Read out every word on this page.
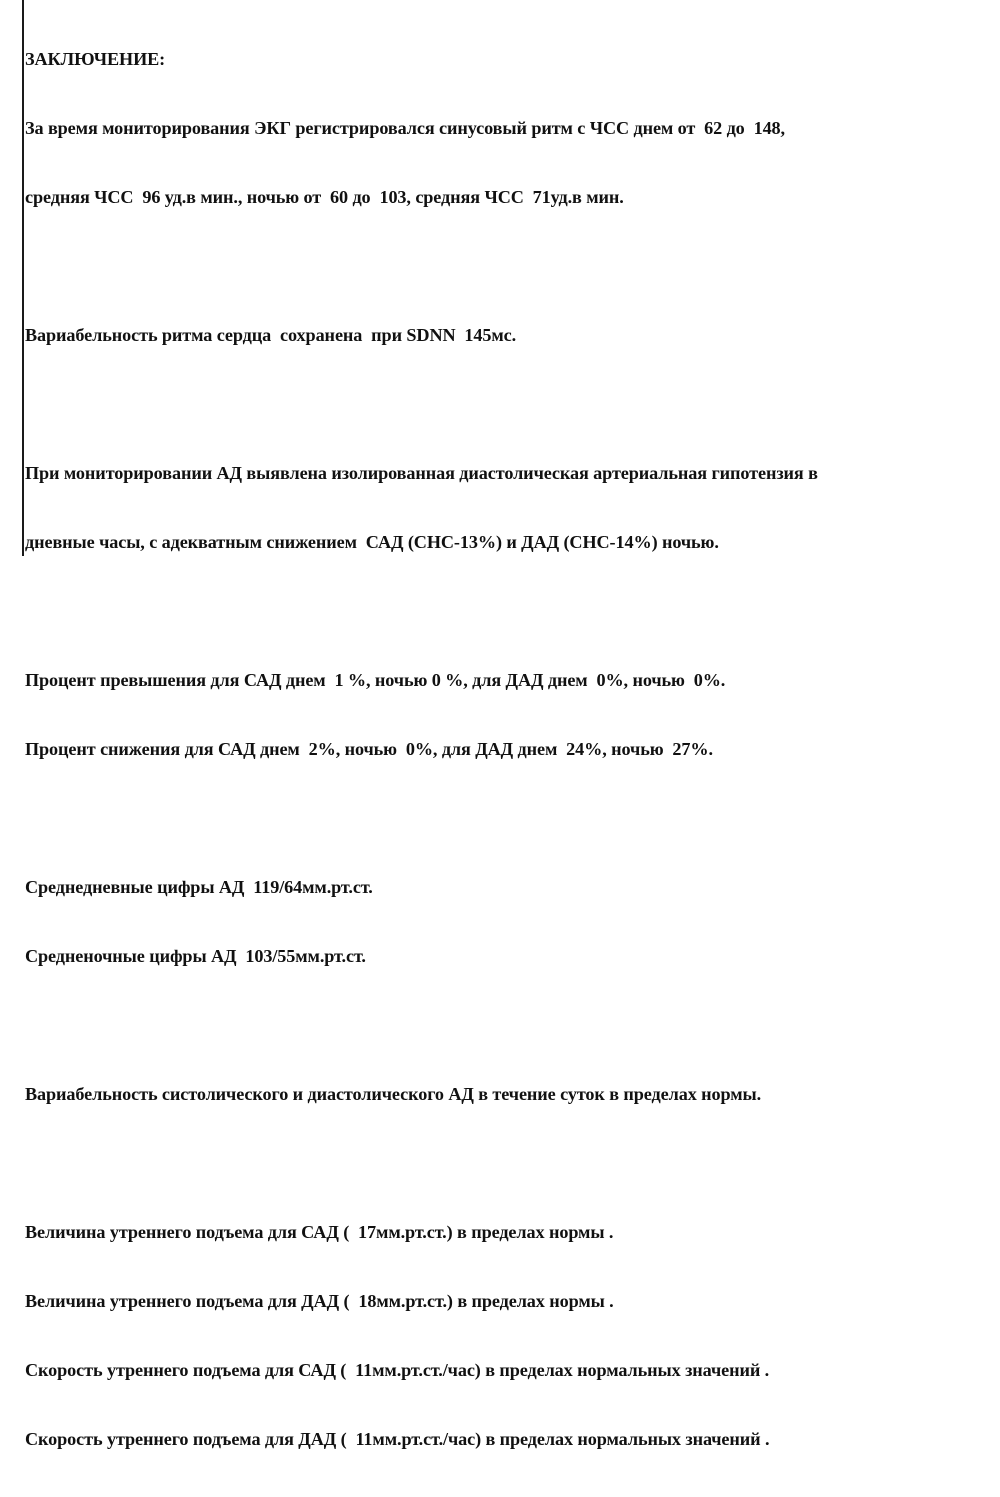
ЗАКЛЮЧЕНИЕ:

За время мониторирования ЭКГ регистрировался синусовый ритм с ЧСС днем от  62 до  148,

средняя ЧСС  96 уд.в мин., ночью от  60 до  103, средняя ЧСС  71уд.в мин.

Вариабельность ритма сердца  сохранена  при SDNN  145мс.

При мониторировании АД выявлена изолированная диастолическая артериальная гипотензия в

дневные часы, с адекватным снижением  САД (СНС-13%) и ДАД (СНС-14%) ночью.

Процент превышения для САД днем  1 %, ночью 0 %, для ДАД днем  0%, ночью  0%.

Процент снижения для САД днем  2%, ночью  0%, для ДАД днем  24%, ночью  27%.

Среднедневные цифры АД  119/64мм.рт.ст.

Средненочные цифры АД  103/55мм.рт.ст.

Вариабельность систолического и диастолического АД в течение суток в пределах нормы.

Величина утреннего подъема для САД (  17мм.рт.ст.) в пределах нормы .

Величина утреннего подъема для ДАД (  18мм.рт.ст.) в пределах нормы .

Скорость утреннего подъема для САД (  11мм.рт.ст./час) в пределах нормальных значений .

Скорость утреннего подъема для ДАД (  11мм.рт.ст./час) в пределах нормальных значений .
